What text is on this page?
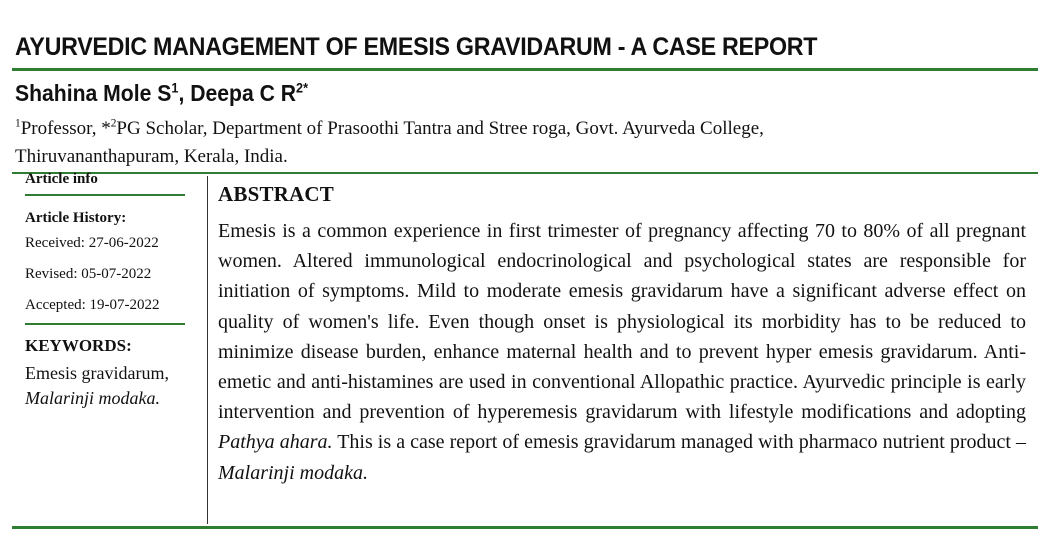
AYURVEDIC MANAGEMENT OF EMESIS GRAVIDARUM - A CASE REPORT
Shahina Mole $S^1$, Deepa C $R^{2*}$
$^1$Professor, *$^2$PG Scholar, Department of Prasoothi Tantra and Stree roga, Govt. Ayurveda College, Thiruvananthapuram, Kerala, India.
Article info
Article History:
Received: 27-06-2022
Revised: 05-07-2022
Accepted: 19-07-2022
KEYWORDS:
Emesis gravidarum,
Malarinji modaka.
ABSTRACT
Emesis is a common experience in first trimester of pregnancy affecting 70 to 80% of all pregnant women. Altered immunological endocrinological and psychological states are responsible for initiation of symptoms. Mild to moderate emesis gravidarum have a significant adverse effect on quality of women's life. Even though onset is physiological its morbidity has to be reduced to minimize disease burden, enhance maternal health and to prevent hyper emesis gravidarum. Anti-emetic and anti-histamines are used in conventional Allopathic practice. Ayurvedic principle is early intervention and prevention of hyperemesis gravidarum with lifestyle modifications and adopting Pathya ahara. This is a case report of emesis gravidarum managed with pharmaco nutrient product –Malarinji modaka.
